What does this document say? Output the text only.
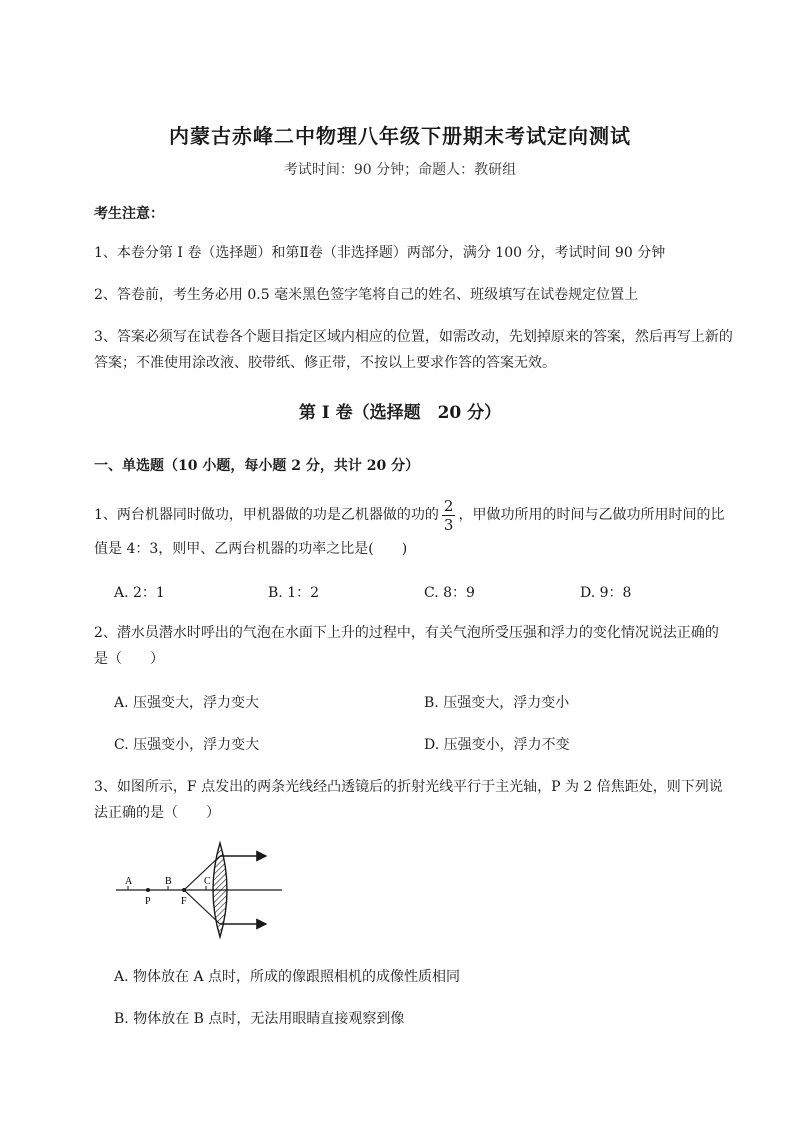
内蒙古赤峰二中物理八年级下册期末考试定向测试
考试时间：90 分钟；命题人：教研组
考生注意：
1、本卷分第 I 卷（选择题）和第Ⅱ卷（非选择题）两部分，满分 100 分，考试时间 90 分钟
2、答卷前，考生务必用 0.5 毫米黑色签字笔将自己的姓名、班级填写在试卷规定位置上
3、答案必须写在试卷各个题目指定区域内相应的位置，如需改动，先划掉原来的答案，然后再写上新的答案；不准使用涂改液、胶带纸、修正带，不按以上要求作答的答案无效。
第 I 卷（选择题　20 分）
一、单选题（10 小题，每小题 2 分，共计 20 分）
1、两台机器同时做功，甲机器做的功是乙机器做的功的 $\frac{2}{3}$ ，甲做功所用的时间与乙做功所用时间的比
值是 4：3，则甲、乙两台机器的功率之比是(　　)
A. 2：1	B. 1：2	C. 8：9	D. 9：8
2、潜水员潜水时呼出的气泡在水面下上升的过程中，有关气泡所受压强和浮力的变化情况说法正确的
是（　　）
A. 压强变大，浮力变大	B. 压强变大，浮力变小
C. 压强变小，浮力变大	D. 压强变小，浮力不变
3、如图所示，F 点发出的两条光线经凸透镜后的折射光线平行于主光轴，P 为 2 倍焦距处，则下列说
法正确的是（　　）
A	B	C
P	F
A. 物体放在 A 点时，所成的像跟照相机的成像性质相同
B. 物体放在 B 点时，无法用眼睛直接观察到像
